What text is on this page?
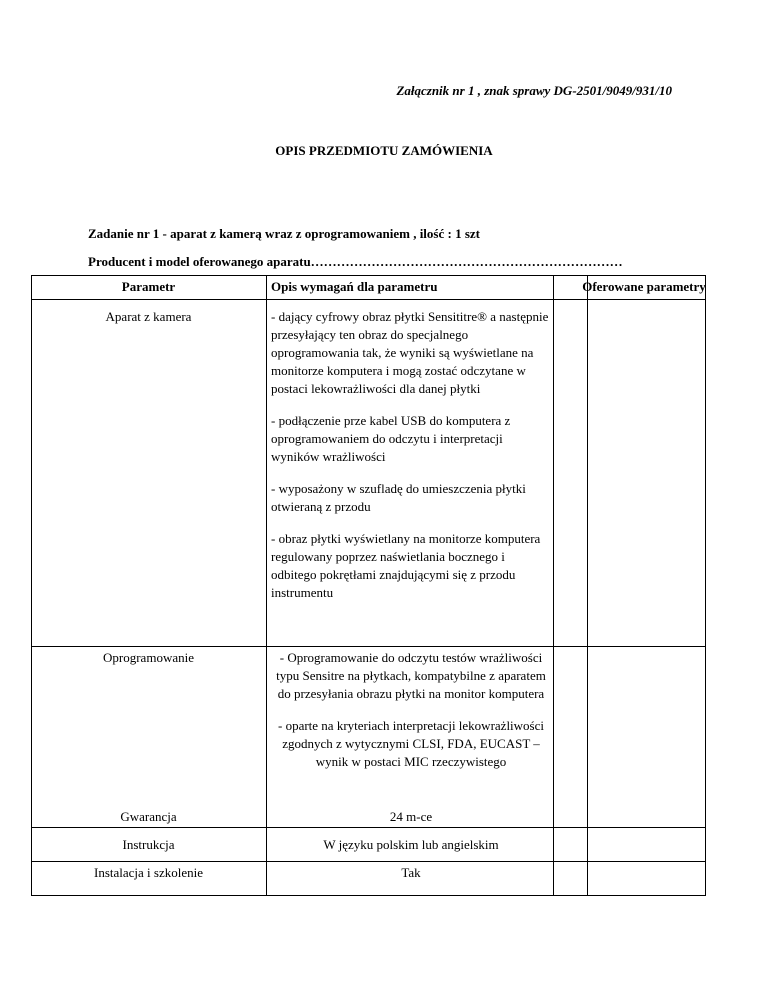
Załącznik nr 1 , znak sprawy DG-2501/9049/931/10
OPIS PRZEDMIOTU ZAMÓWIENIA
Zadanie nr 1 - aparat z kamerą wraz z oprogramowaniem , ilość : 1 szt
Producent i model oferowanego aparatu………………………………………………………………
Parametr	Opis wymagań dla parametru	Oferowane parametry
Aparat z kamera	- dający cyfrowy obraz płytki Sensititre® a następnie przesyłający ten obraz do specjalnego oprogramowania tak, że wyniki są wyświetlane na monitorze komputera i mogą zostać odczytane w postaci lekowrażliwości dla danej płytki

- podłączenie prze kabel USB do komputera z oprogramowaniem do odczytu i interpretacji wyników wrażliwości

- wyposażony w szufladę do umieszczenia płytki otwieraną z przodu

- obraz płytki wyświetlany na monitorze komputera regulowany poprzez naświetlania bocznego i odbitego pokrętłami znajdującymi się z przodu instrumentu

Oprogramowanie	- Oprogramowanie do odczytu testów wrażliwości typu Sensitre na płytkach, kompatybilne z aparatem do przesyłania obrazu płytki na monitor komputera

- oparte na kryteriach interpretacji lekowrażliwości zgodnych z wytycznymi CLSI, FDA, EUCAST – wynik w postaci MIC rzeczywistego

Gwarancja	24 m-ce
Instrukcja	W języku polskim lub angielskim
Instalacja i szkolenie	Tak
